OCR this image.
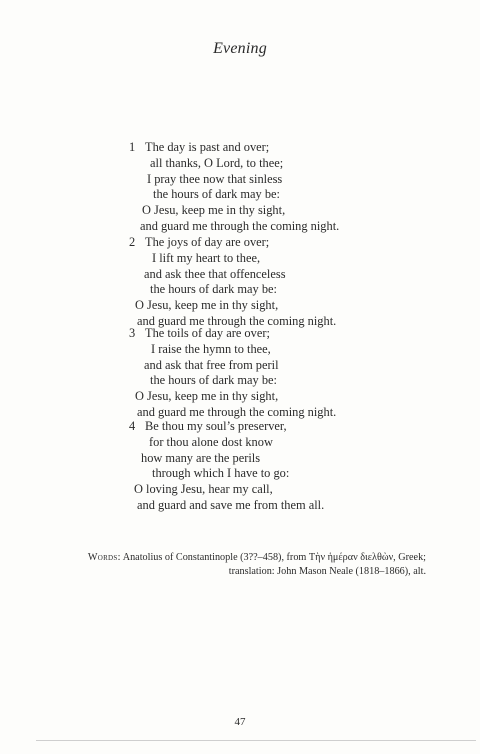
Evening
1 The day is past and over;
all thanks, O Lord, to thee;
I pray thee now that sinless
the hours of dark may be:
O Jesu, keep me in thy sight,
and guard me through the coming night.
2 The joys of day are over;
I lift my heart to thee,
and ask thee that offenceless
the hours of dark may be:
O Jesu, keep me in thy sight,
and guard me through the coming night.
3 The toils of day are over;
I raise the hymn to thee,
and ask that free from peril
the hours of dark may be:
O Jesu, keep me in thy sight,
and guard me through the coming night.
4 Be thou my soul’s preserver,
for thou alone dost know
how many are the perils
through which I have to go:
O loving Jesu, hear my call,
and guard and save me from them all.
Words: Anatolius of Constantinople (3??–458), from Τὴν ἡμέραν διελθὼν, Greek;
translation: John Mason Neale (1818–1866), alt.
47
